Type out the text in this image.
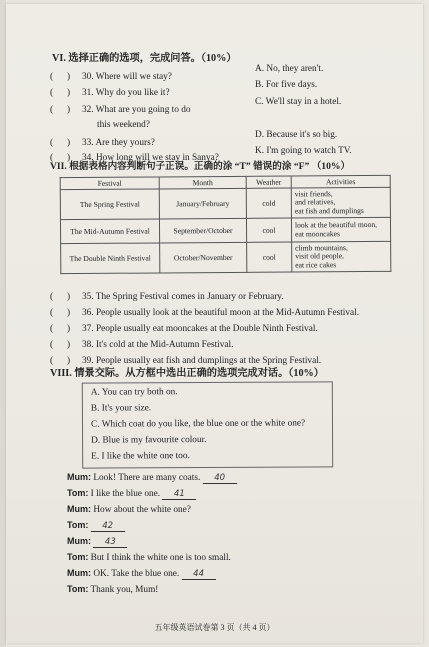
VI. 选择正确的选项，完成问答。（10%）
(      ) 30. Where will we stay?
(      ) 31. Why do you like it?
(      ) 32. What are you going to do
this weekend?
(      ) 33. Are they yours?
(      ) 34. How long will we stay in Sanya?
A. No, they aren't.
B. For five days.
C. We'll stay in a hotel.
D. Because it's so big.
K. I'm going to watch TV.
VII. 根据表格内容判断句子正误。正确的涂 “T” 错误的涂 “F” （10%）
Festival	Month	Weather	Activities
The Spring Festival	January/February	cold	visit friends,
and relatives,
eat fish and dumplings

The Mid-Autumn Festival	September/October	cool	look at the beautiful moon,
eat mooncakes

The Double Ninth Festival	October/November	cool	climb mountains,
visit old people,
eat rice cakes
(      ) 35. The Spring Festival comes in January or February.
(      ) 36. People usually look at the beautiful moon at the Mid-Autumn Festival.
(      ) 37. People usually eat mooncakes at the Double Ninth Festival.
(      ) 38. It's cold at the Mid-Autumn Festival.
(      ) 39. People usually eat fish and dumplings at the Spring Festival.
VIII. 情景交际。从方框中选出正确的选项完成对话。（10%）
A. You can try both on.
B. It's your size.
C. Which coat do you like, the blue one or the white one?
D. Blue is my favourite colour.
E. I like the white one too.
Mum: Look! There are many coats. 40
Tom: I like the blue one. 41
Mum: How about the white one?
Tom: 42
Mum: 43
Tom: But I think the white one is too small.
Mum: OK. Take the blue one. 44
Tom: Thank you, Mum!
五年级英语试卷第 3 页（共 4 页）
